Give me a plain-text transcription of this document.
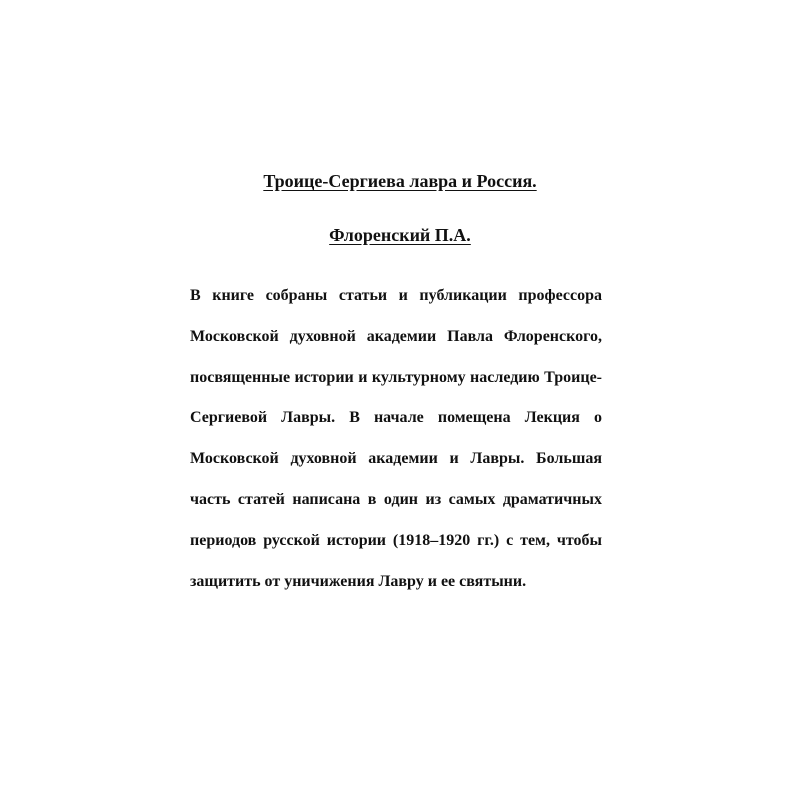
Троице-Сергиева лавра и Россия.
Флоренский П.А.

В книге собраны статьи и публикации профессора Московской духовной академии Павла Флоренского, посвященные истории и культурному наследию Троице-Сергиевой Лавры. В начале помещена Лекция о Московской духовной академии и Лавры. Большая часть статей написана в один из самых драматичных периодов русской истории (1918–1920 гг.) с тем, чтобы защитить от уничижения Лавру и ее святыни.
